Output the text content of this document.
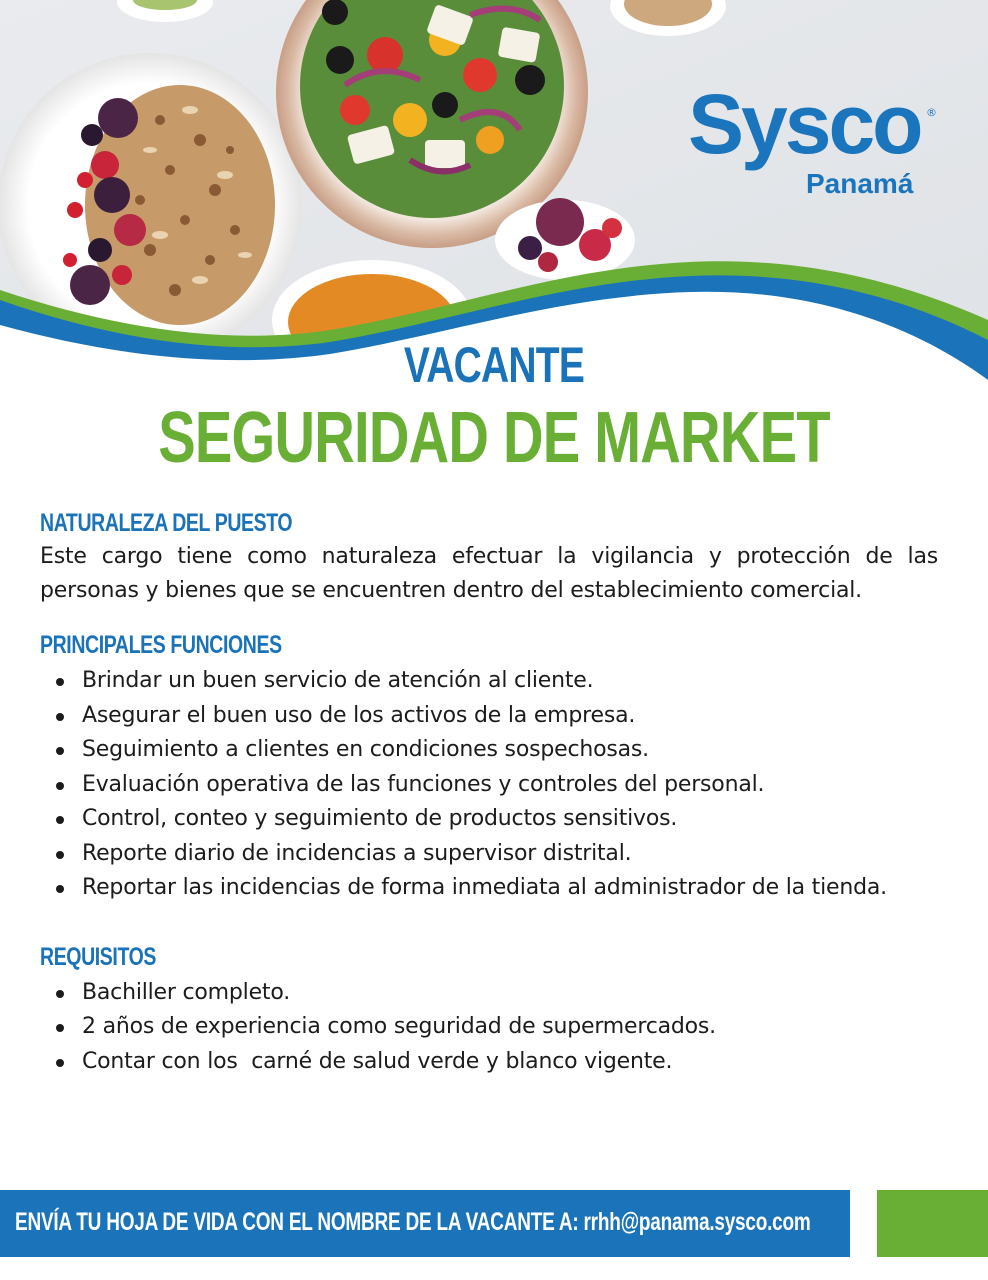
Sysco ®
Panamá
VACANTE
SEGURIDAD DE MARKET
NATURALEZA DEL PUESTO

Este cargo tiene como naturaleza efectuar la vigilancia y protección de las personas y bienes que se encuentren dentro del establecimiento comercial.

PRINCIPALES FUNCIONES
Brindar un buen servicio de atención al cliente.
Asegurar el buen uso de los activos de la empresa.
Seguimiento a clientes en condiciones sospechosas.
Evaluación operativa de las funciones y controles del personal.
Control, conteo y seguimiento de productos sensitivos.
Reporte diario de incidencias a supervisor distrital.
Reportar las incidencias de forma inmediata al administrador de la tienda.
REQUISITOS
Bachiller completo.
2 años de experiencia como seguridad de supermercados.
Contar con los  carné de salud verde y blanco vigente.
ENVÍA TU HOJA DE VIDA CON EL NOMBRE DE LA VACANTE A: rrhh@panama.sysco.com
